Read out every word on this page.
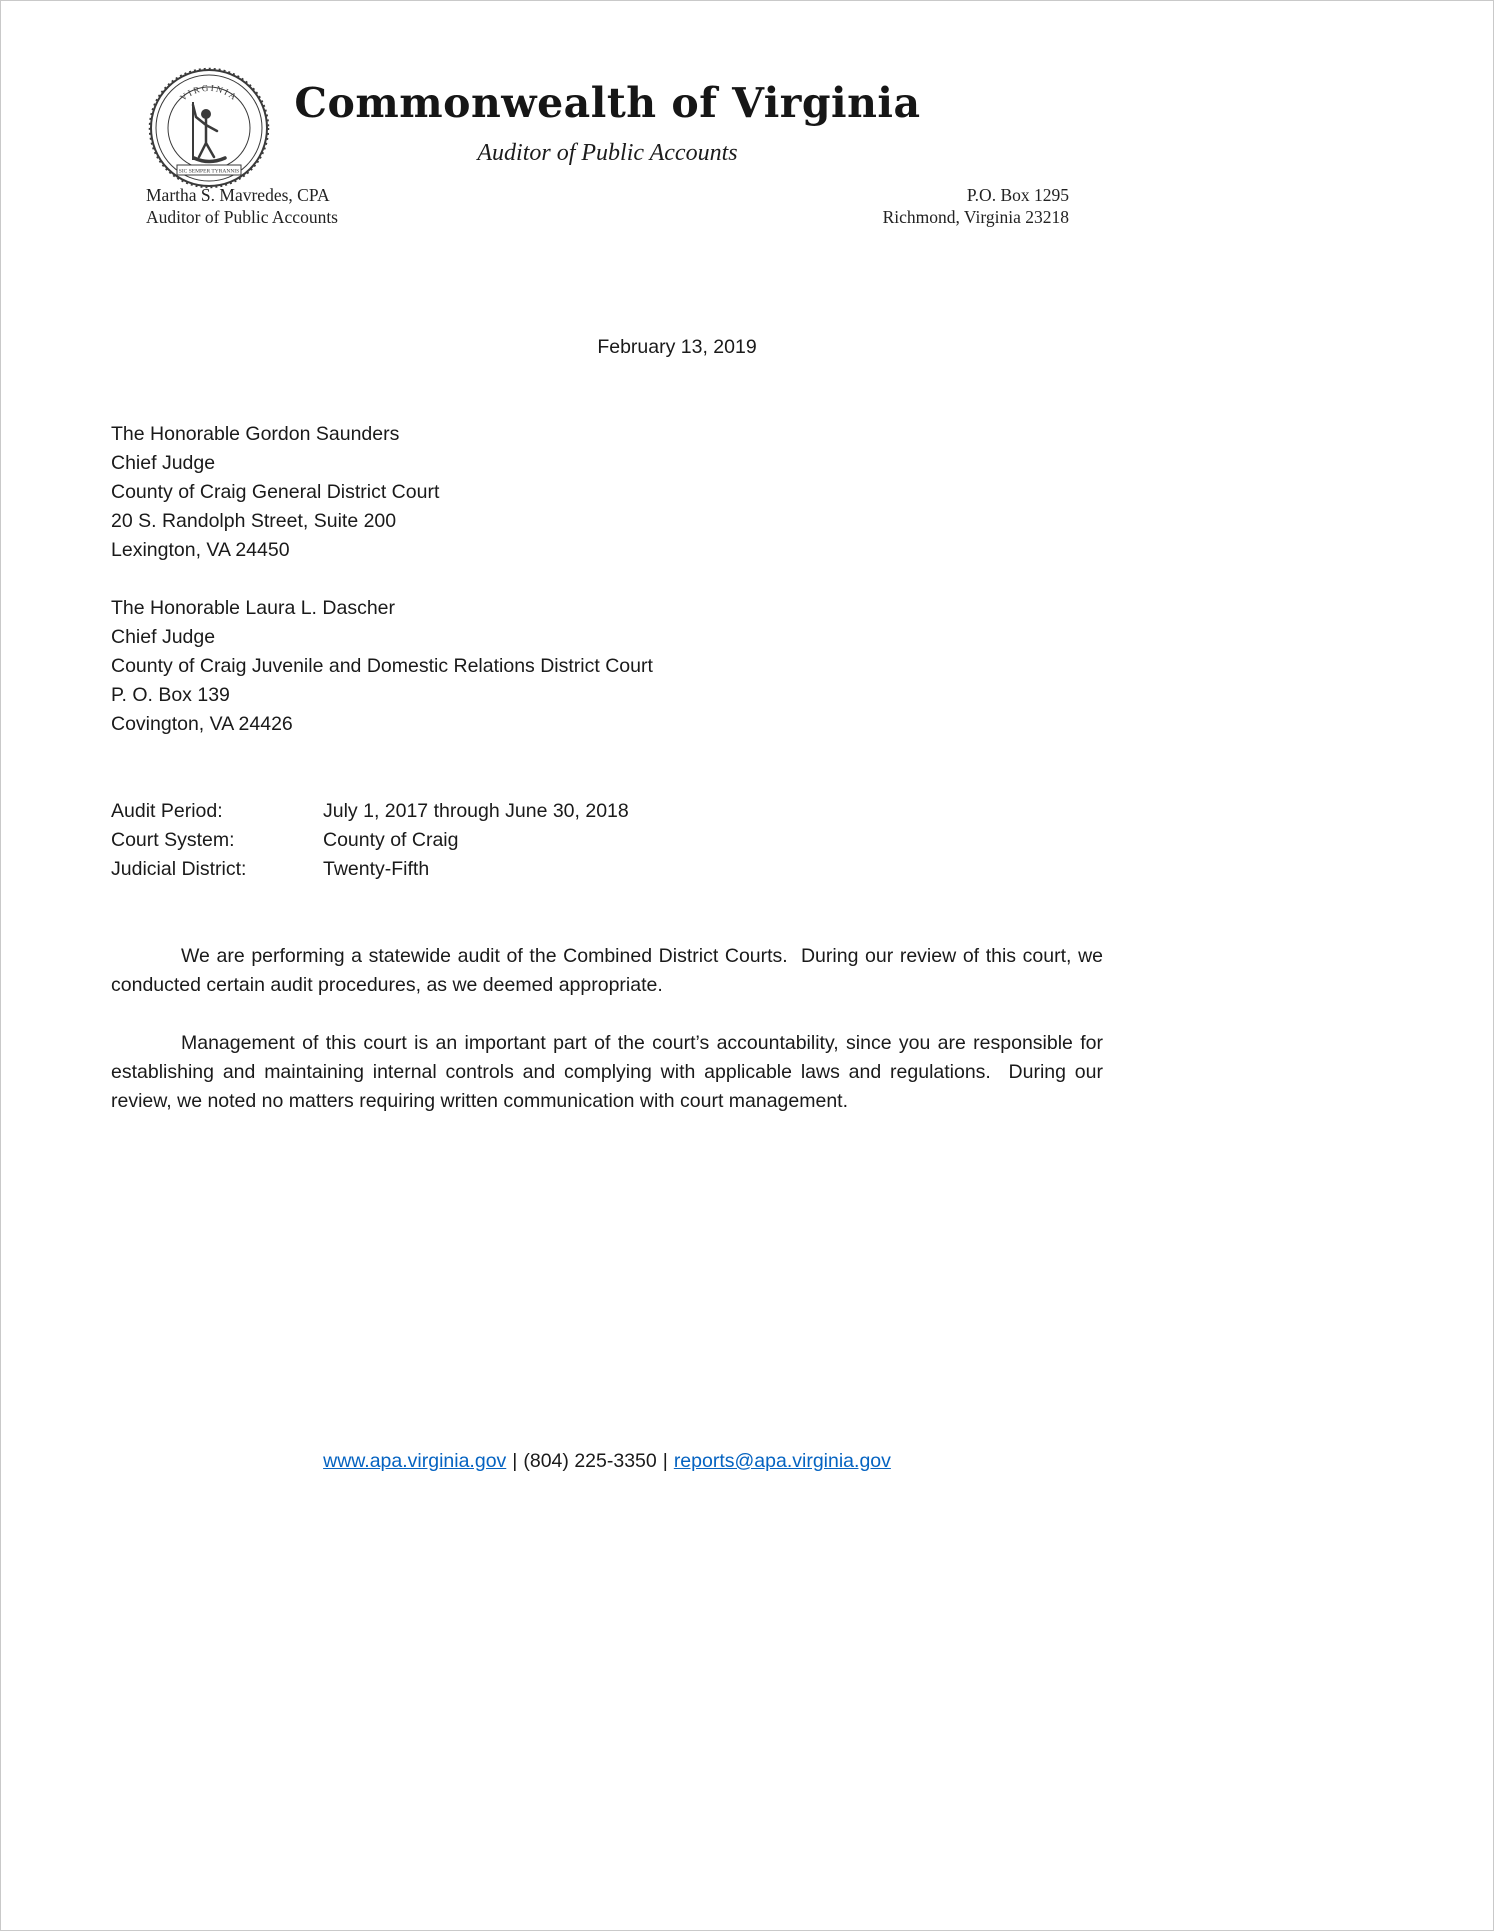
VIRGINIA
SIC SEMPER TYRANNIS
Commonwealth of Virginia
Auditor of Public Accounts
Martha S. Mavredes, CPA
Auditor of Public Accounts
P.O. Box 1295
Richmond, Virginia 23218
February 13, 2019
The Honorable Gordon Saunders
Chief Judge
County of Craig General District Court
20 S. Randolph Street, Suite 200
Lexington, VA 24450
The Honorable Laura L. Dascher
Chief Judge
County of Craig Juvenile and Domestic Relations District Court
P. O. Box 139
Covington, VA 24426
Audit Period:	July 1, 2017 through June 30, 2018
Court System:	County of Craig
Judicial District:	Twenty-Fifth

We are performing a statewide audit of the Combined District Courts.  During our review of this court, we conducted certain audit procedures, as we deemed appropriate.

Management of this court is an important part of the court’s accountability, since you are responsible for establishing and maintaining internal controls and complying with applicable laws and regulations.  During our review, we noted no matters requiring written communication with court management.

www.apa.virginia.gov | (804) 225-3350 | reports@apa.virginia.gov
